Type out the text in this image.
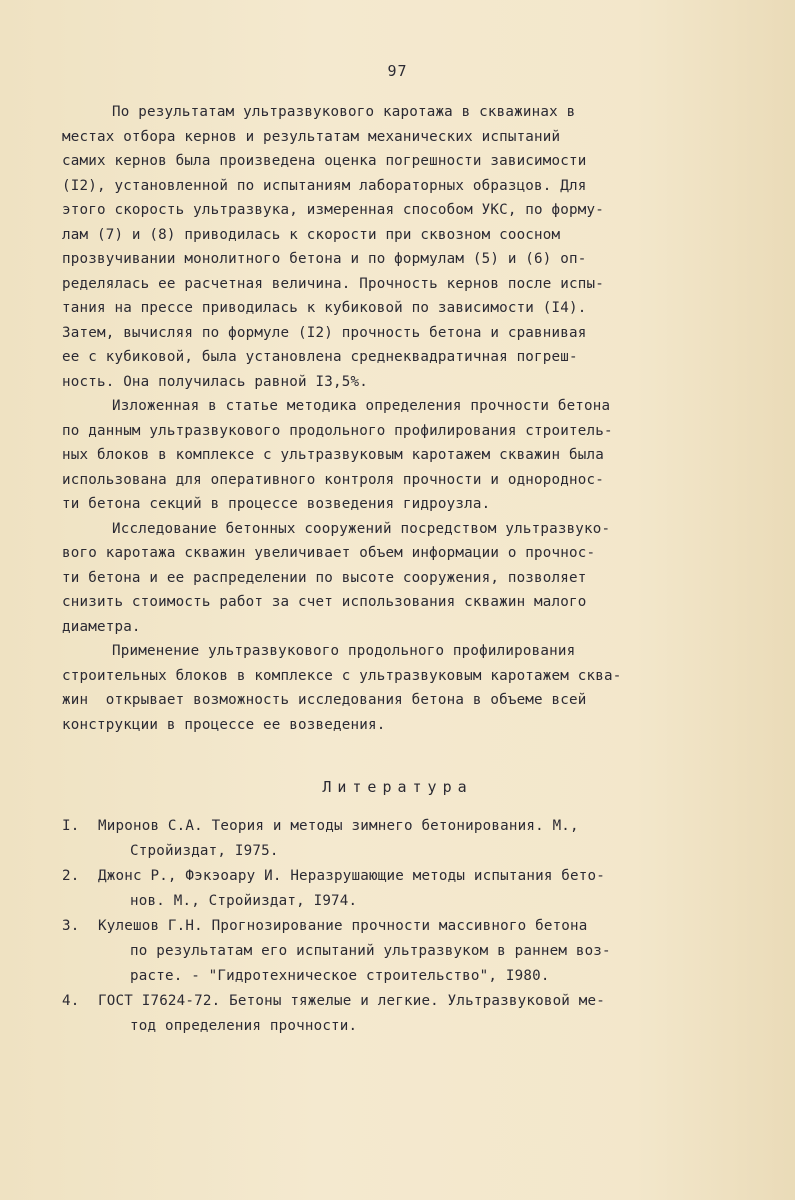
97
По результатам ультразвукового каротажа в скважинах в
местах отбора кернов и результатам механических испытаний
самих кернов была произведена оценка погрешности зависимости
(I2), установленной по испытаниям лабораторных образцов. Для
этого скорость ультразвука, измеренная способом УКС, по форму-
лам (7) и (8) приводилась к скорости при сквозном соосном
прозвучивании монолитного бетона и по формулам (5) и (6) оп-
ределялась ее расчетная величина. Прочность кернов после испы-
тания на прессе приводилась к кубиковой по зависимости (I4).
Затем, вычисляя по формуле (I2) прочность бетона и сравнивая
ее с кубиковой, была установлена среднеквадратичная погреш-
ность. Она получилась равной I3,5%.
Изложенная в статье методика определения прочности бетона
по данным ультразвукового продольного профилирования строитель-
ных блоков в комплексе с ультразвуковым каротажем скважин была
использована для оперативного контроля прочности и однороднос-
ти бетона секций в процессе возведения гидроузла.
Исследование бетонных сооружений посредством ультразвуко-
вого каротажа скважин увеличивает объем информации о прочнос-
ти бетона и ее распределении по высоте сооружения, позволяет
снизить стоимость работ за счет использования скважин малого
диаметра.
Применение ультразвукового продольного профилирования
строительных блоков в комплексе с ультразвуковым каротажем сква-
жин  открывает возможность исследования бетона в объеме всей
конструкции в процессе ее возведения.
Литература
I. Миронов С.А. Теория и методы зимнего бетонирования. М.,
Стройиздат, I975.
2. Джонс Р., Фэкэоару И. Неразрушающие методы испытания бето-
нов. М., Стройиздат, I974.
3. Кулешов Г.Н. Прогнозирование прочности массивного бетона
по результатам его испытаний ультразвуком в раннем воз-
расте. - "Гидротехническое строительство", I980.
4. ГОСТ I7624-72. Бетоны тяжелые и легкие. Ультразвуковой ме-
тод определения прочности.
